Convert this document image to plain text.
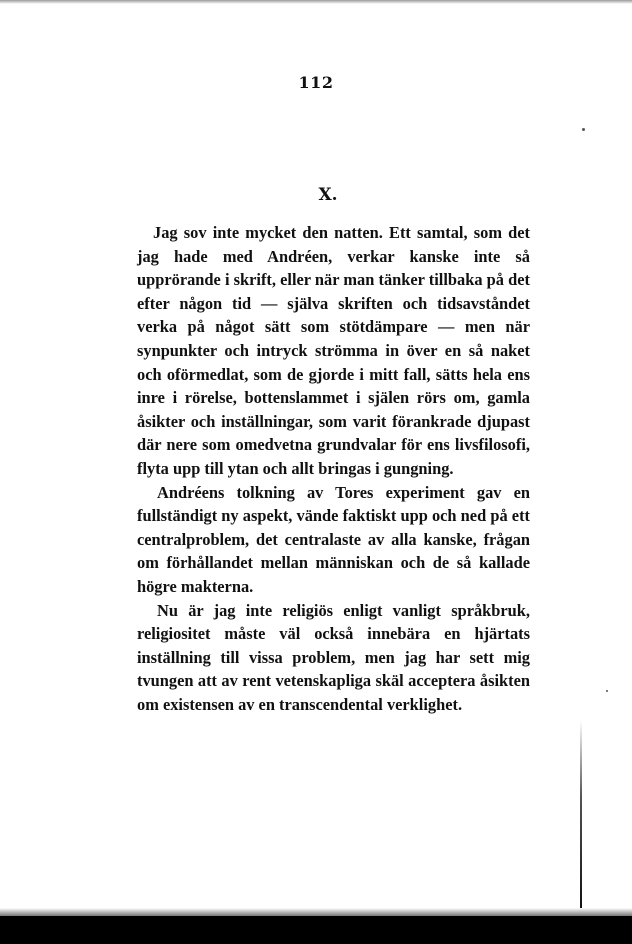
112
X.

Jag sov inte mycket den natten. Ett samtal, som det jag hade med Andréen, verkar kanske inte så upprörande i skrift, eller när man tänker tillbaka på det efter någon tid — själva skriften och tidsavståndet verka på något sätt som stötdämpare — men när synpunkter och intryck strömma in över en så naket och oförmedlat, som de gjorde i mitt fall, sätts hela ens inre i rörelse, bottenslammet i själen rörs om, gamla åsikter och inställningar, som varit förankrade djupast där nere som omedvetna grundvalar för ens livsfilosofi, flyta upp till ytan och allt bringas i gungning.

Andréens tolkning av Tores experiment gav en fullständigt ny aspekt, vände faktiskt upp och ned på ett centralproblem, det centralaste av alla kanske, frågan om förhållandet mellan människan och de så kallade högre makterna.

Nu är jag inte religiös enligt vanligt språkbruk, religiositet måste väl också innebära en hjärtats inställning till vissa problem, men jag har sett mig tvungen att av rent vetenskapliga skäl acceptera åsikten om existensen av en transcendental verklighet.
